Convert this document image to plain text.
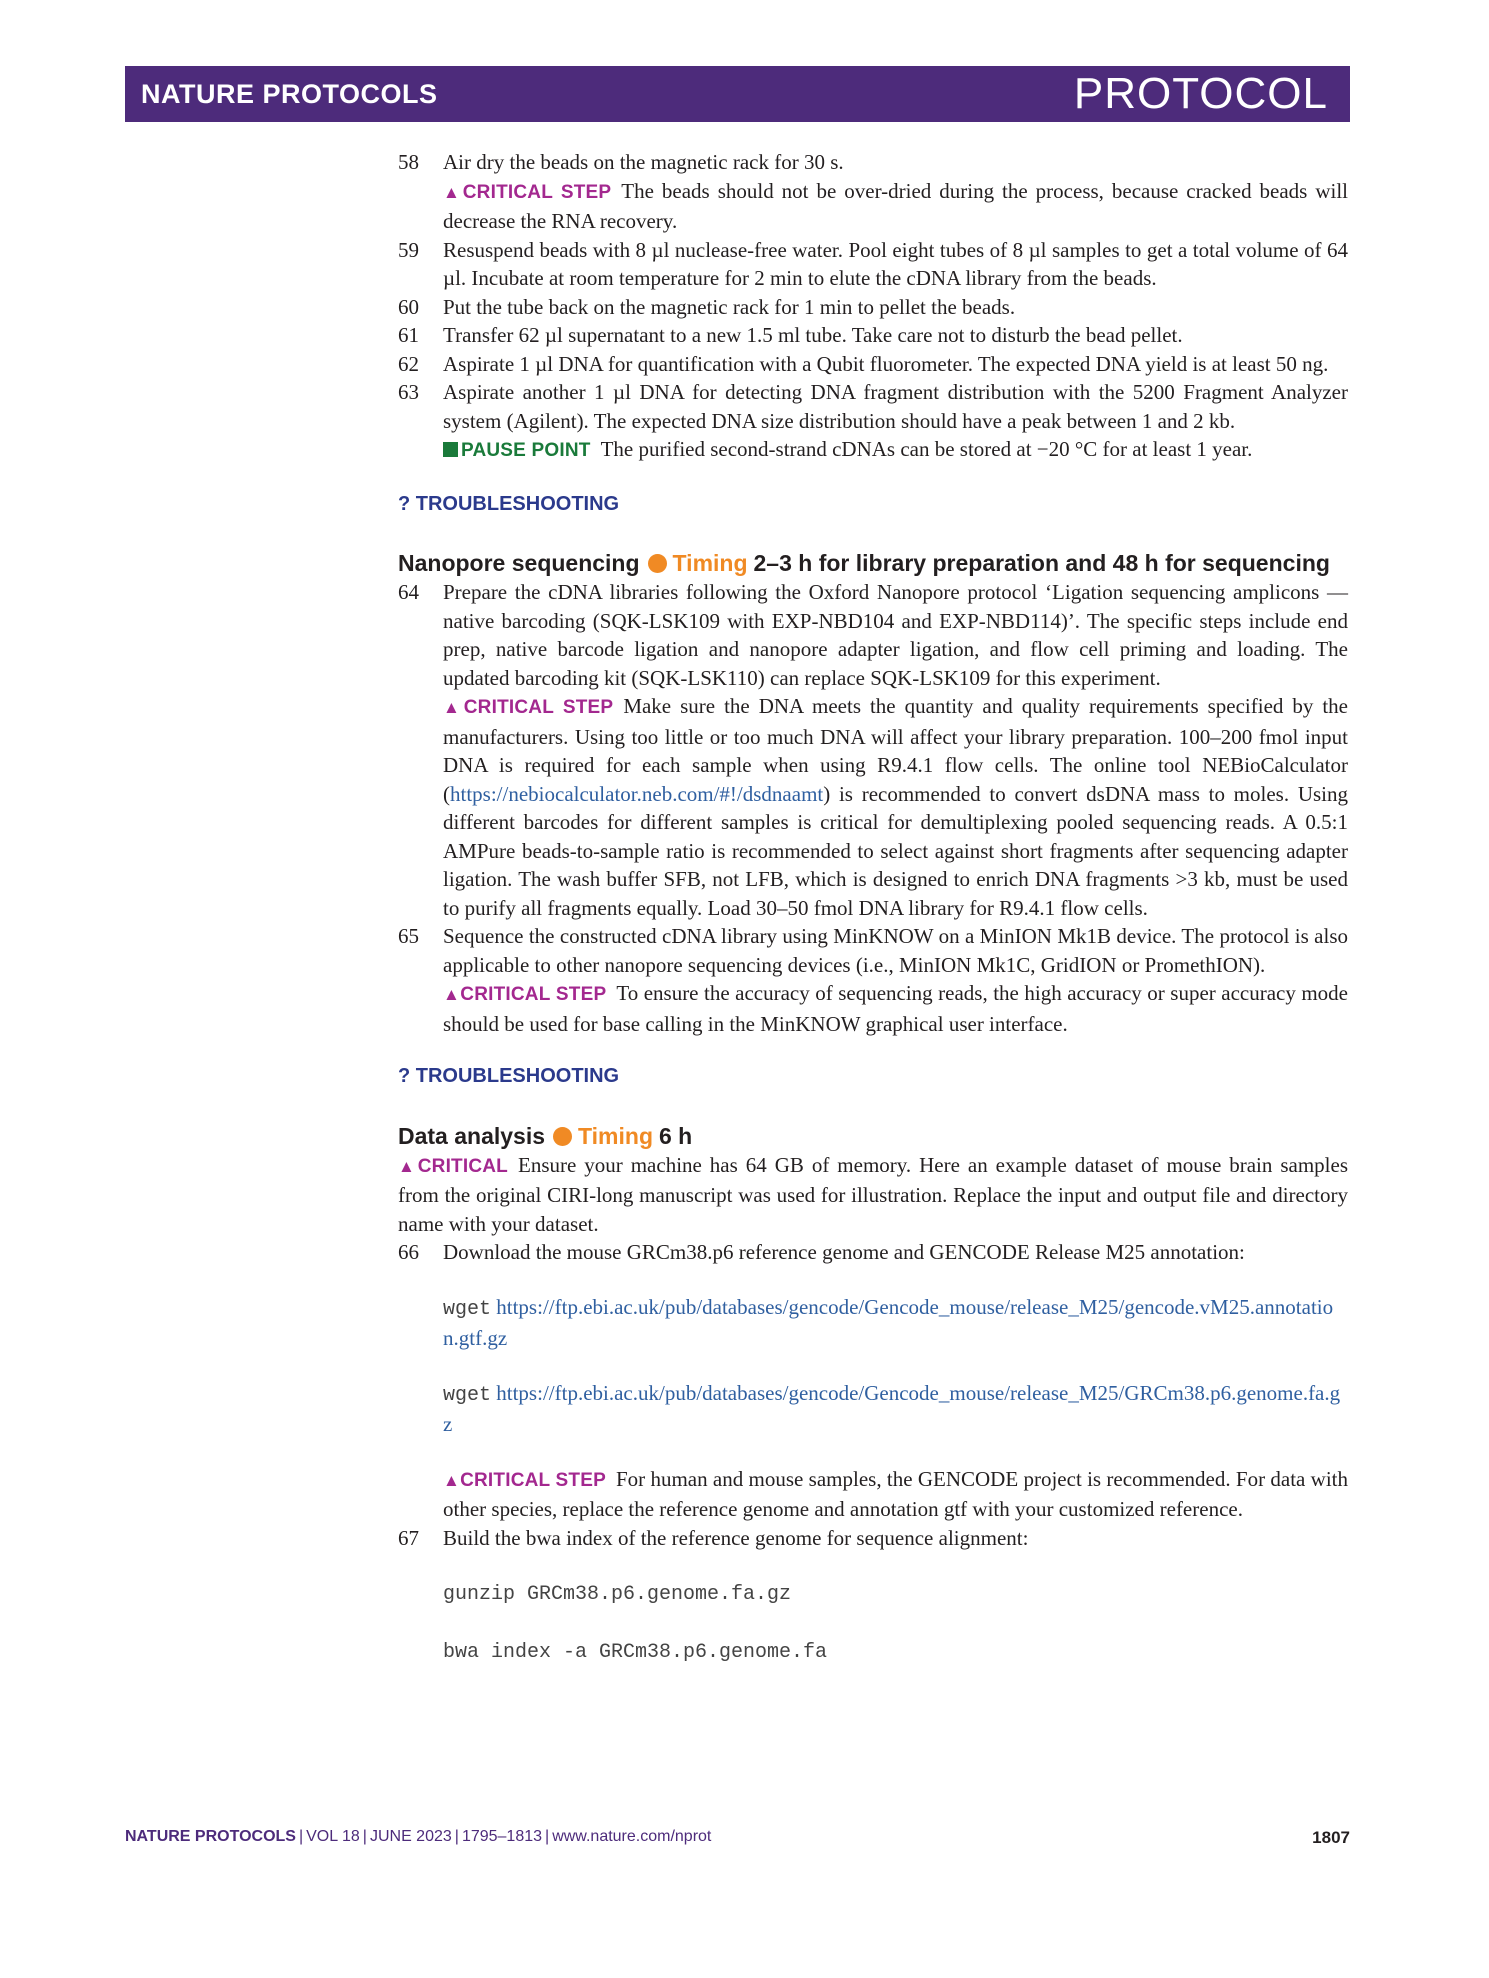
NATURE PROTOCOLS	PROTOCOL
58 Air dry the beads on the magnetic rack for 30 s.
▲CRITICAL STEP The beads should not be over-dried during the process, because cracked beads will decrease the RNA recovery.
59 Resuspend beads with 8 µl nuclease-free water. Pool eight tubes of 8 µl samples to get a total volume of 64 µl. Incubate at room temperature for 2 min to elute the cDNA library from the beads.
60 Put the tube back on the magnetic rack for 1 min to pellet the beads.
61 Transfer 62 µl supernatant to a new 1.5 ml tube. Take care not to disturb the bead pellet.
62 Aspirate 1 µl DNA for quantification with a Qubit fluorometer. The expected DNA yield is at least 50 ng.
63 Aspirate another 1 µl DNA for detecting DNA fragment distribution with the 5200 Fragment Analyzer system (Agilent). The expected DNA size distribution should have a peak between 1 and 2 kb.
PAUSE POINT The purified second-strand cDNAs can be stored at −20 °C for at least 1 year.
? TROUBLESHOOTING
Nanopore sequencing Timing 2–3 h for library preparation and 48 h for sequencing
64 Prepare the cDNA libraries following the Oxford Nanopore protocol ‘Ligation sequencing amplicons —native barcoding (SQK-LSK109 with EXP-NBD104 and EXP-NBD114)’. The specific steps include end prep, native barcode ligation and nanopore adapter ligation, and flow cell priming and loading. The updated barcoding kit (SQK-LSK110) can replace SQK-LSK109 for this experiment.
▲CRITICAL STEP Make sure the DNA meets the quantity and quality requirements specified by the manufacturers. Using too little or too much DNA will affect your library preparation. 100–200 fmol input DNA is required for each sample when using R9.4.1 flow cells. The online tool NEBioCalculator (https://nebiocalculator.neb.com/#!/dsdnaamt) is recommended to convert dsDNA mass to moles. Using different barcodes for different samples is critical for demultiplexing pooled sequencing reads. A 0.5:1 AMPure beads-to-sample ratio is recommended to select against short fragments after sequencing adapter ligation. The wash buffer SFB, not LFB, which is designed to enrich DNA fragments >3 kb, must be used to purify all fragments equally. Load 30–50 fmol DNA library for R9.4.1 flow cells.
65 Sequence the constructed cDNA library using MinKNOW on a MinION Mk1B device. The protocol is also applicable to other nanopore sequencing devices (i.e., MinION Mk1C, GridION or PromethION).
▲CRITICAL STEP To ensure the accuracy of sequencing reads, the high accuracy or super accuracy mode should be used for base calling in the MinKNOW graphical user interface.
? TROUBLESHOOTING
Data analysis Timing 6 h
▲CRITICAL Ensure your machine has 64 GB of memory. Here an example dataset of mouse brain samples from the original CIRI-long manuscript was used for illustration. Replace the input and output file and directory name with your dataset.
66 Download the mouse GRCm38.p6 reference genome and GENCODE Release M25 annotation:
wget https://ftp.ebi.ac.uk/pub/databases/gencode/Gencode_mouse/release_M25/gencode.vM25.annotation.gtf.gz
wget https://ftp.ebi.ac.uk/pub/databases/gencode/Gencode_mouse/release_M25/GRCm38.p6.genome.fa.gz
▲CRITICAL STEP For human and mouse samples, the GENCODE project is recommended. For data with other species, replace the reference genome and annotation gtf with your customized reference.
67 Build the bwa index of the reference genome for sequence alignment:
gunzip GRCm38.p6.genome.fa.gz
bwa index -a GRCm38.p6.genome.fa
NATURE PROTOCOLS | VOL 18 | JUNE 2023 | 1795–1813 | www.nature.com/nprot	1807
